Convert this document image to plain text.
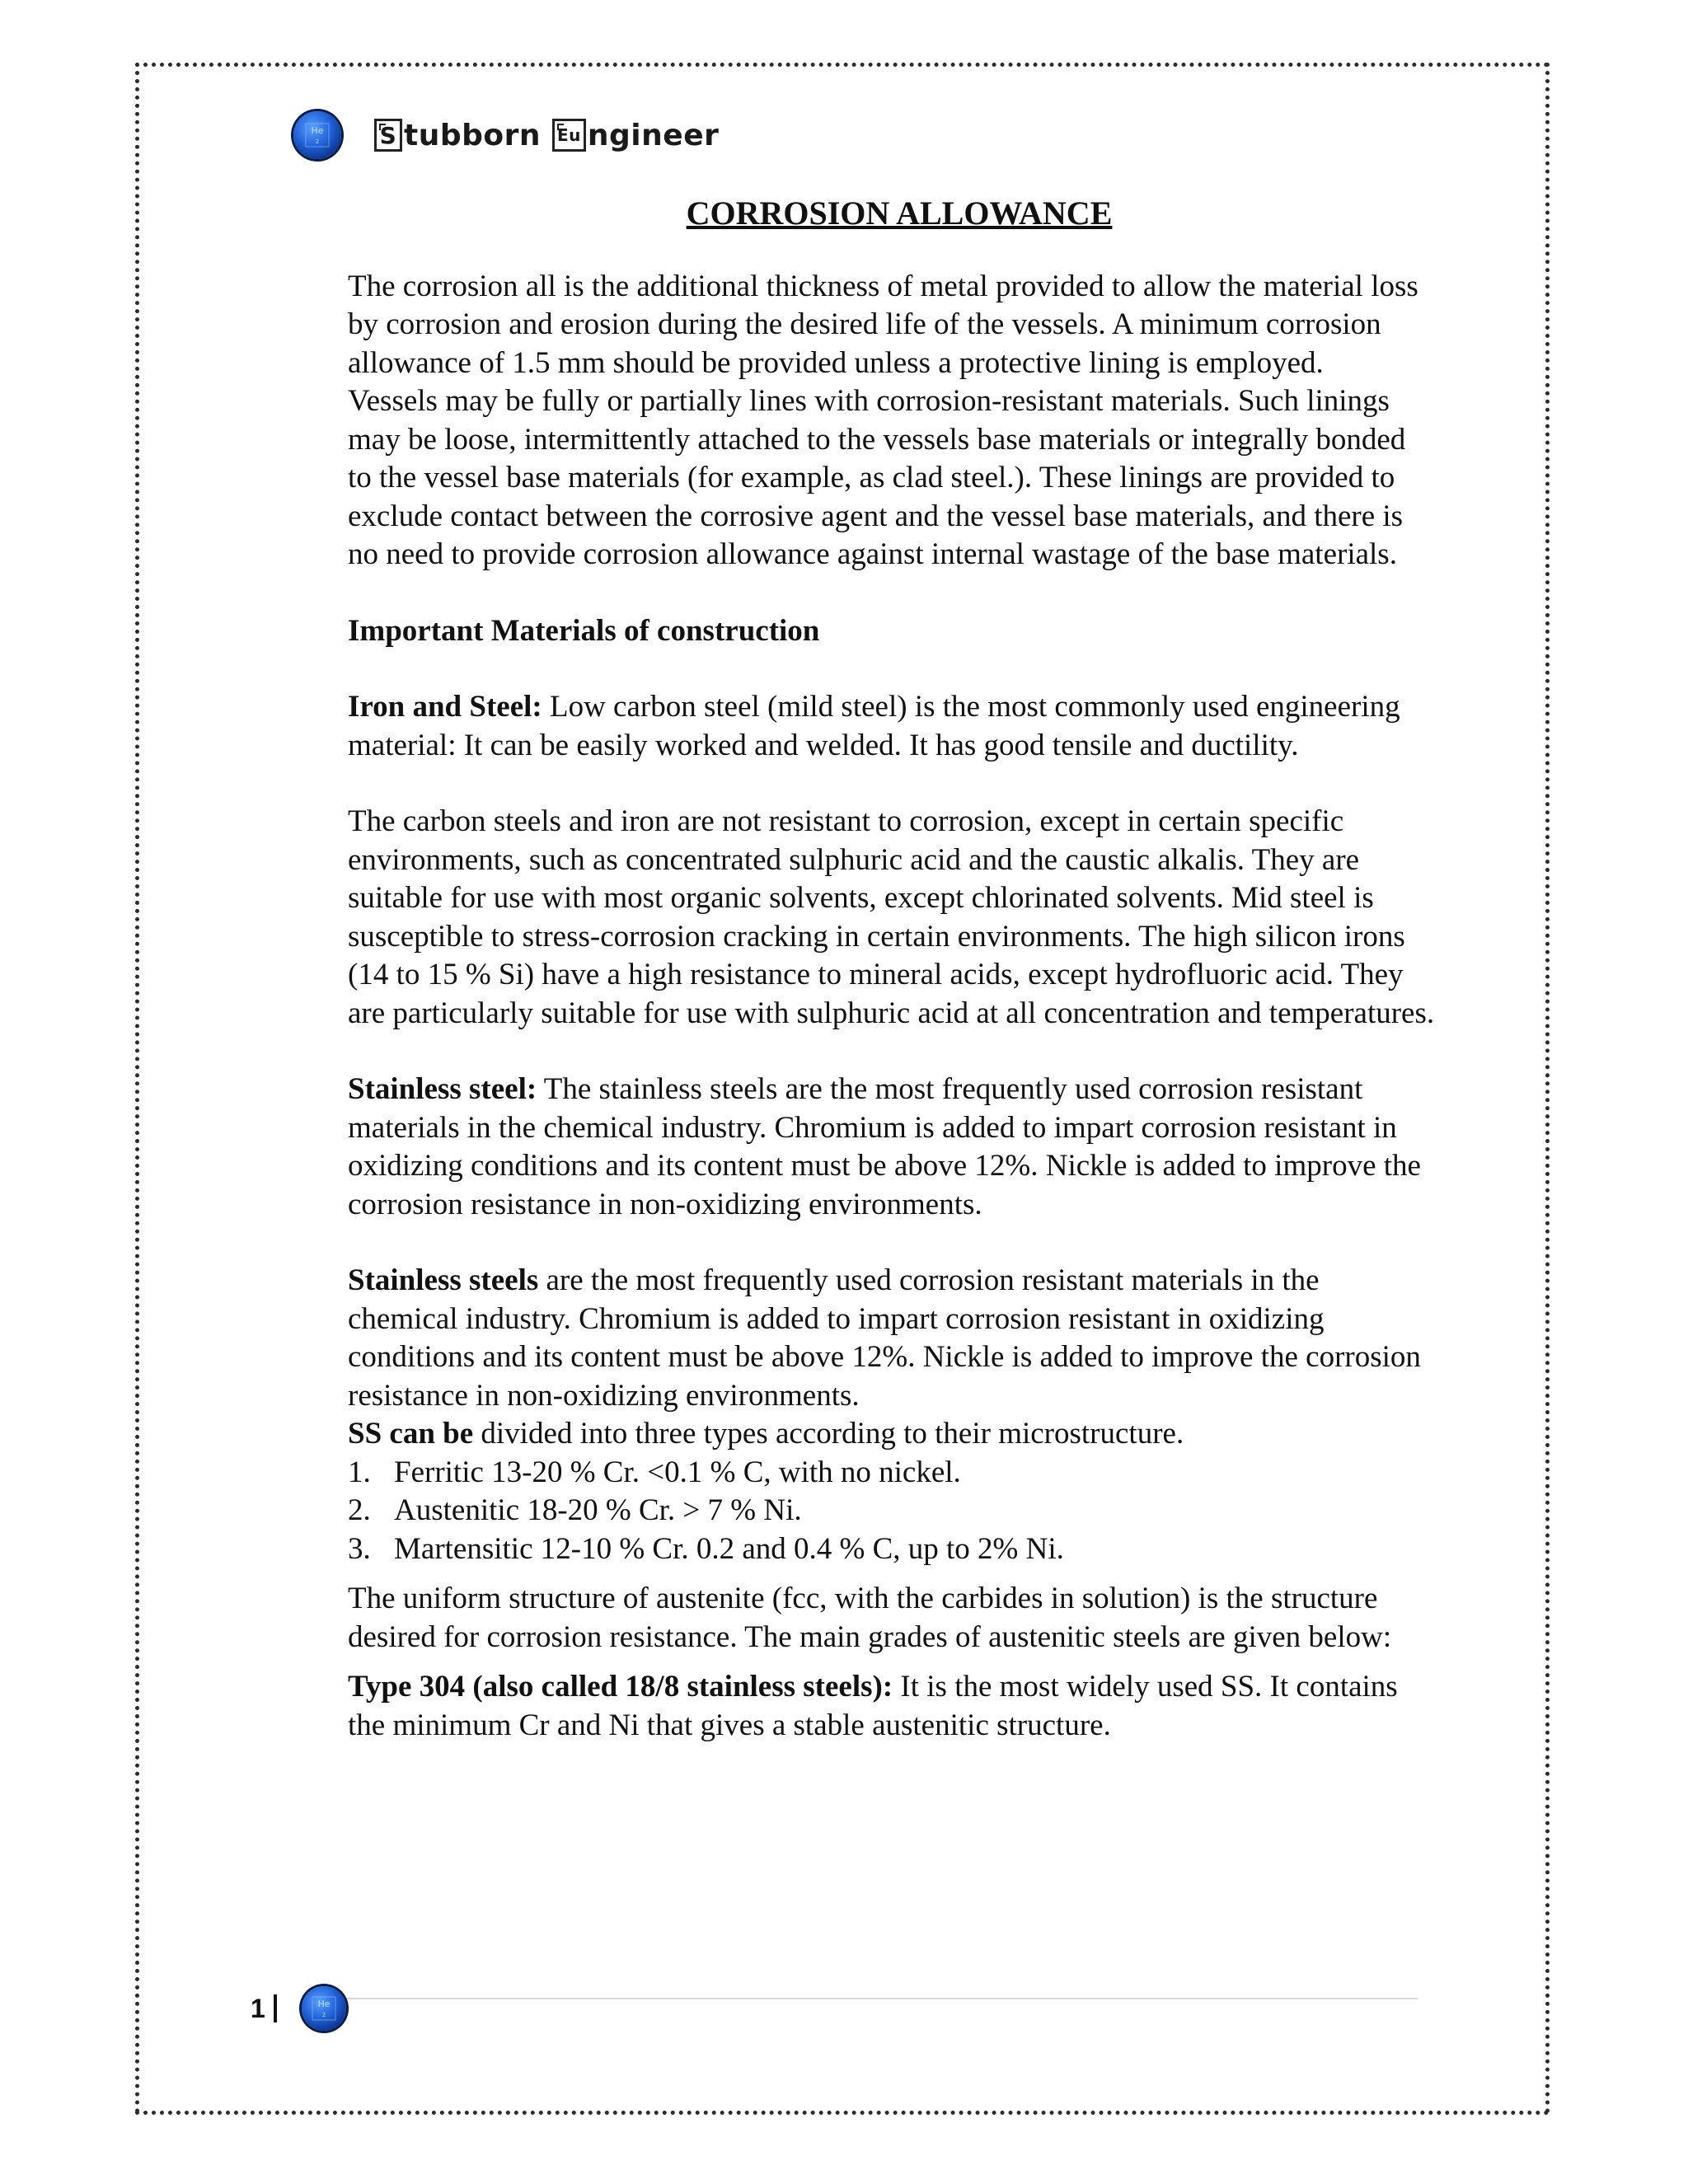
He
2	S tubborn	Eu ngineer
CORROSION ALLOWANCE

The corrosion all is the additional thickness of metal provided to allow the material loss by corrosion and erosion during the desired life of the vessels. A minimum corrosion allowance of 1.5 mm should be provided unless a protective lining is employed.

Vessels may be fully or partially lines with corrosion-resistant materials. Such linings may be loose, intermittently attached to the vessels base materials or integrally bonded to the vessel base materials (for example, as clad steel.). These linings are provided to exclude contact between the corrosive agent and the vessel base materials, and there is no need to provide corrosion allowance against internal wastage of the base materials.

Important Materials of construction

Iron and Steel: Low carbon steel (mild steel) is the most commonly used engineering material: It can be easily worked and welded. It has good tensile and ductility.

The carbon steels and iron are not resistant to corrosion, except in certain specific environments, such as concentrated sulphuric acid and the caustic alkalis. They are suitable for use with most organic solvents, except chlorinated solvents. Mid steel is susceptible to stress-corrosion cracking in certain environments. The high silicon irons (14 to 15 % Si) have a high resistance to mineral acids, except hydrofluoric acid. They are particularly suitable for use with sulphuric acid at all concentration and temperatures.

Stainless steel: The stainless steels are the most frequently used corrosion resistant materials in the chemical industry. Chromium is added to impart corrosion resistant in oxidizing conditions and its content must be above 12%. Nickle is added to improve the corrosion resistance in non-oxidizing environments.

Stainless steels are the most frequently used corrosion resistant materials in the chemical industry. Chromium is added to impart corrosion resistant in oxidizing conditions and its content must be above 12%. Nickle is added to improve the corrosion resistance in non-oxidizing environments.

SS can be divided into three types according to their microstructure.

1. Ferritic 13-20 % Cr. <0.1 % C, with no nickel.
2. Austenitic 18-20 % Cr. > 7 % Ni.
3. Martensitic 12-10 % Cr. 0.2 and 0.4 % C, up to 2% Ni.

The uniform structure of austenite (fcc, with the carbides in solution) is the structure desired for corrosion resistance. The main grades of austenitic steels are given below:

Type 304 (also called 18/8 stainless steels): It is the most widely used SS. It contains the minimum Cr and Ni that gives a stable austenitic structure.

1	He
2
